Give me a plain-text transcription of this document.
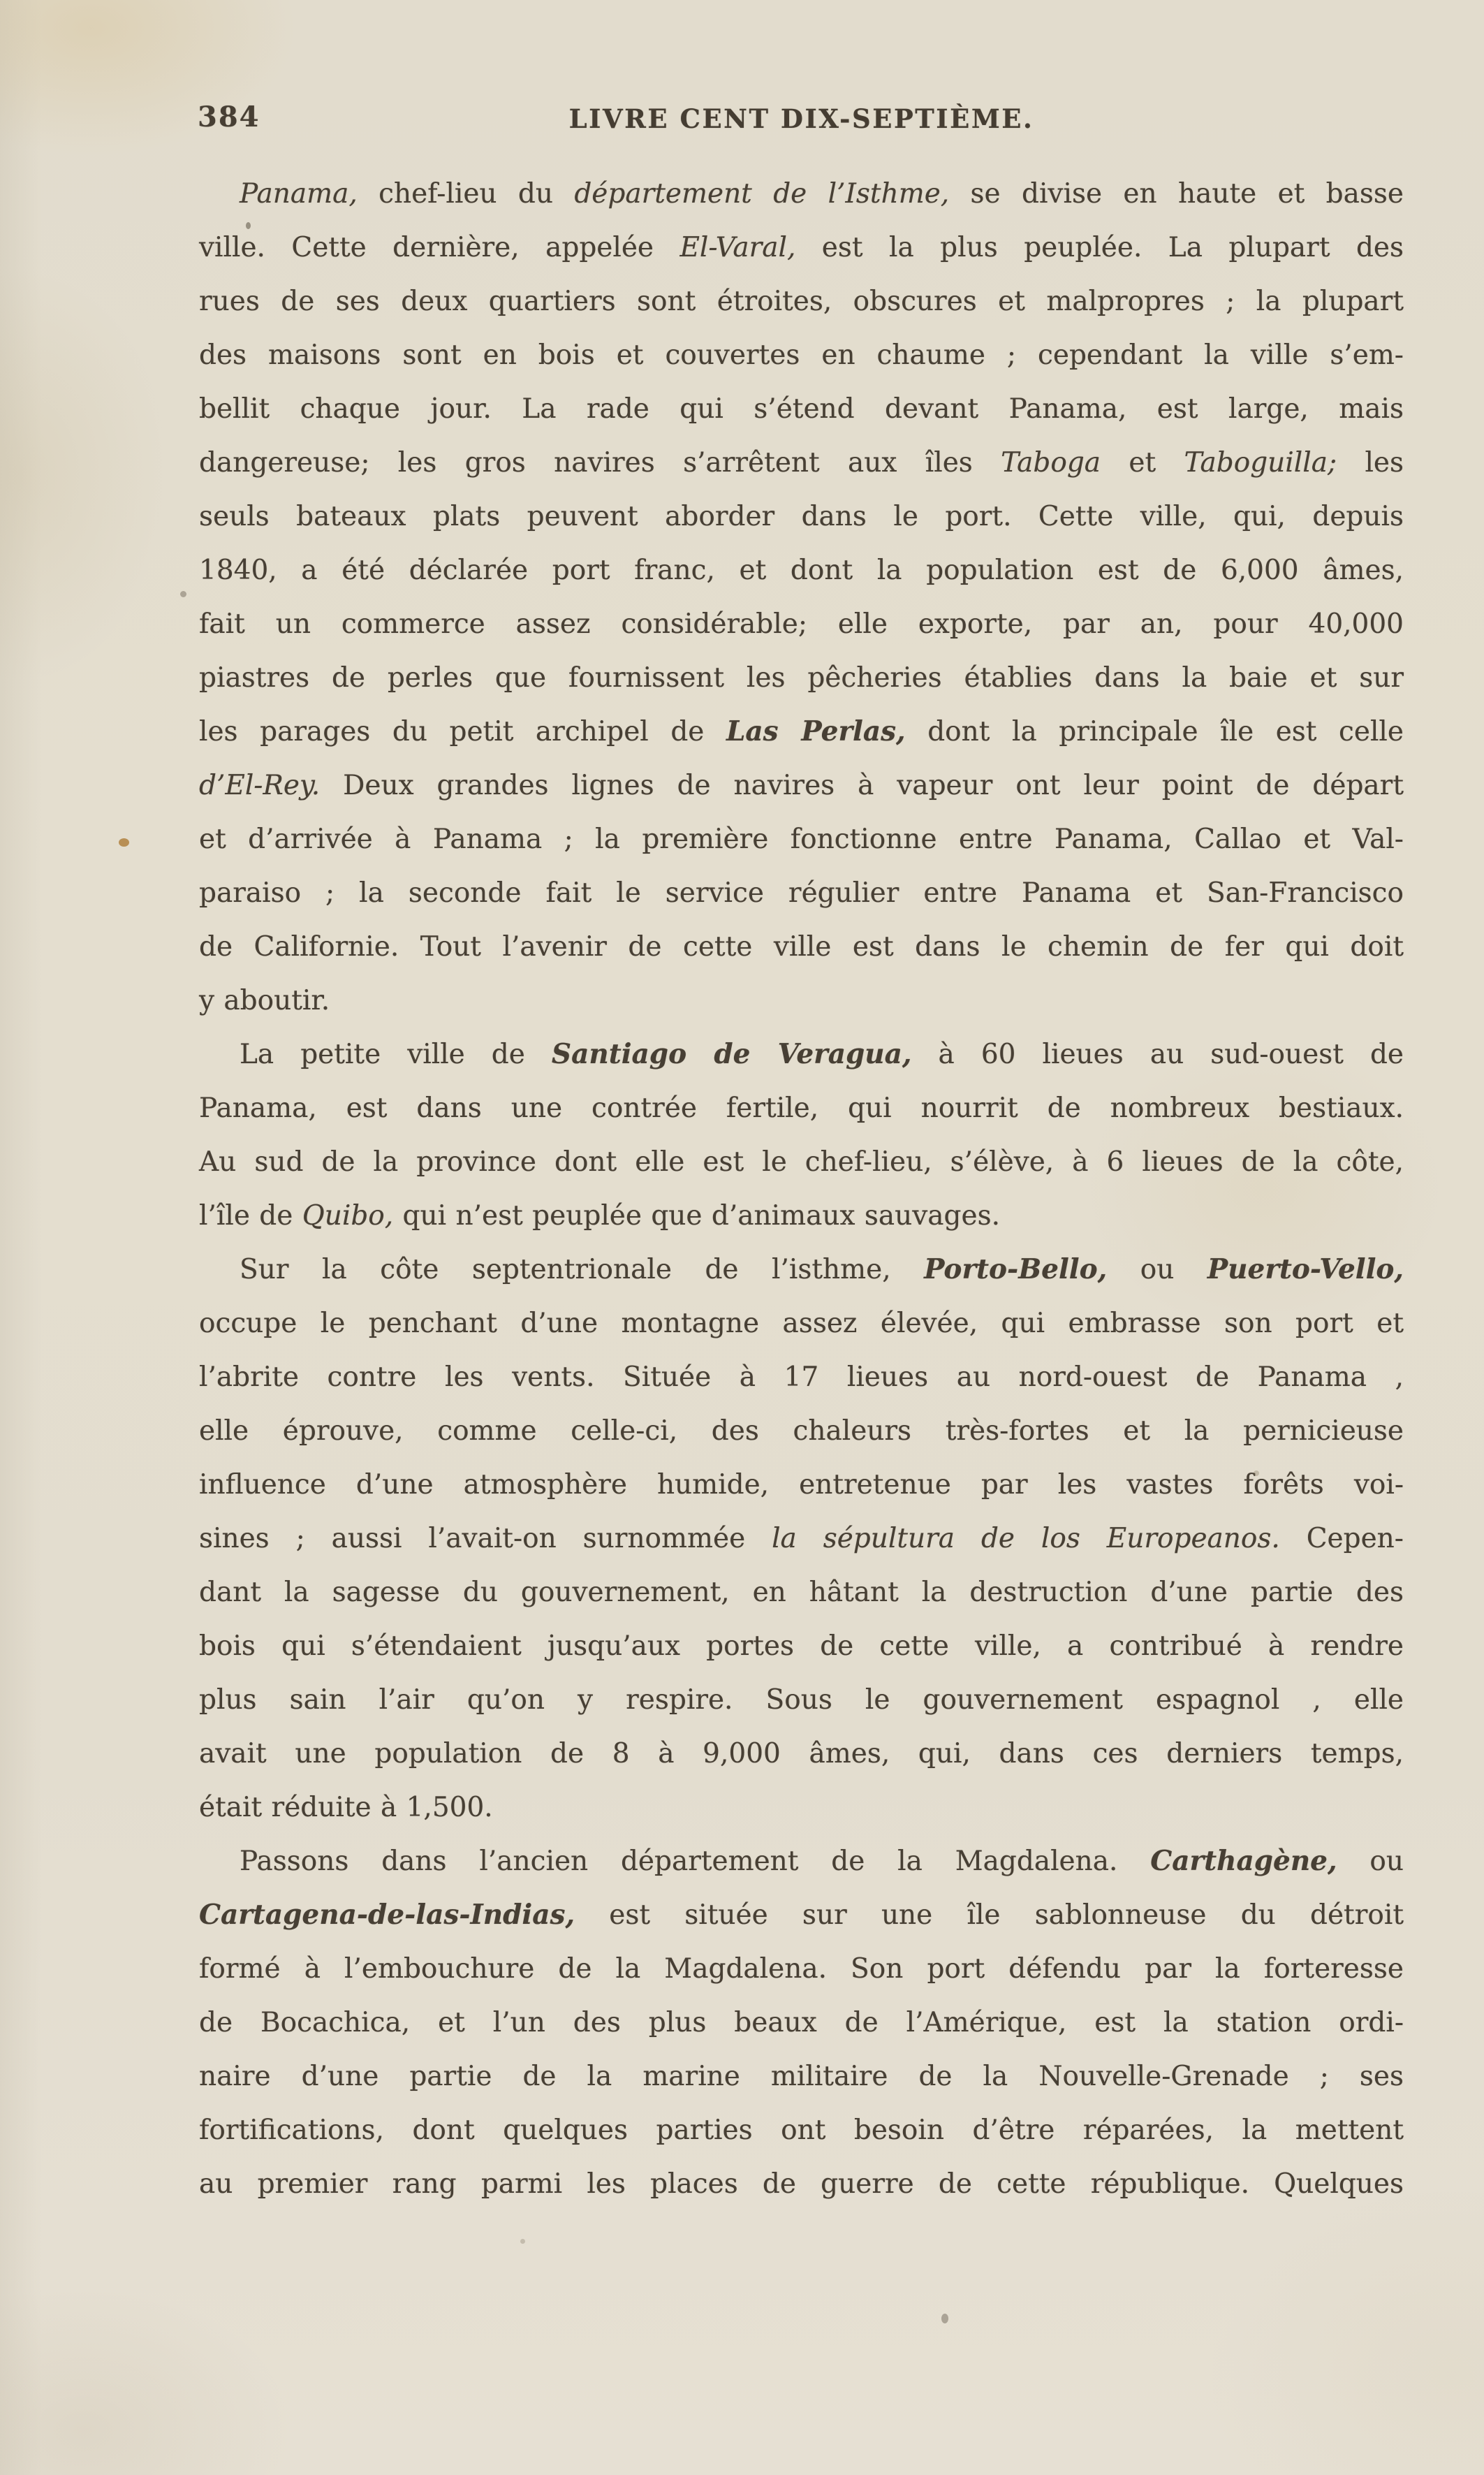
384	LIVRE CENT DIX-SEPTIÈME.
Panama, chef-lieu du département de l’Isthme, se divise en haute et basse
ville. Cette dernière, appelée El-Varal, est la plus peuplée. La plupart des
rues de ses deux quartiers sont étroites, obscures et malpropres ; la plupart
des maisons sont en bois et couvertes en chaume ; cependant la ville s’em-
bellit chaque jour. La rade qui s’étend devant Panama, est large, mais
dangereuse; les gros navires s’arrêtent aux îles Taboga et Taboguilla; les
seuls bateaux plats peuvent aborder dans le port. Cette ville, qui, depuis
1840, a été déclarée port franc, et dont la population est de 6,000 âmes,
fait un commerce assez considérable; elle exporte, par an, pour 40,000
piastres de perles que fournissent les pêcheries établies dans la baie et sur
les parages du petit archipel de Las Perlas, dont la principale île est celle
d’El-Rey. Deux grandes lignes de navires à vapeur ont leur point de départ
et d’arrivée à Panama ; la première fonctionne entre Panama, Callao et Val-
paraiso ; la seconde fait le service régulier entre Panama et San-Francisco
de Californie. Tout l’avenir de cette ville est dans le chemin de fer qui doit
y aboutir.
La petite ville de Santiago de Veragua, à 60 lieues au sud-ouest de
Panama, est dans une contrée fertile, qui nourrit de nombreux bestiaux.
Au sud de la province dont elle est le chef-lieu, s’élève, à 6 lieues de la côte,
l’île de Quibo, qui n’est peuplée que d’animaux sauvages.
Sur la côte septentrionale de l’isthme, Porto-Bello, ou Puerto-Vello,
occupe le penchant d’une montagne assez élevée, qui embrasse son port et
l’abrite contre les vents. Située à 17 lieues au nord-ouest de Panama ,
elle éprouve, comme celle-ci, des chaleurs très-fortes et la pernicieuse
influence d’une atmosphère humide, entretenue par les vastes forêts voi-
sines ; aussi l’avait-on surnommée la sépultura de los Europeanos. Cepen-
dant la sagesse du gouvernement, en hâtant la destruction d’une partie des
bois qui s’étendaient jusqu’aux portes de cette ville, a contribué à rendre
plus sain l’air qu’on y respire. Sous le gouvernement espagnol , elle
avait une population de 8 à 9,000 âmes, qui, dans ces derniers temps,
était réduite à 1,500.
Passons dans l’ancien département de la Magdalena. Carthagène, ou
Cartagena-de-las-Indias, est située sur une île sablonneuse du détroit
formé à l’embouchure de la Magdalena. Son port défendu par la forteresse
de Bocachica, et l’un des plus beaux de l’Amérique, est la station ordi-
naire d’une partie de la marine militaire de la Nouvelle-Grenade ; ses
fortifications, dont quelques parties ont besoin d’être réparées, la mettent
au premier rang parmi les places de guerre de cette république. Quelques
